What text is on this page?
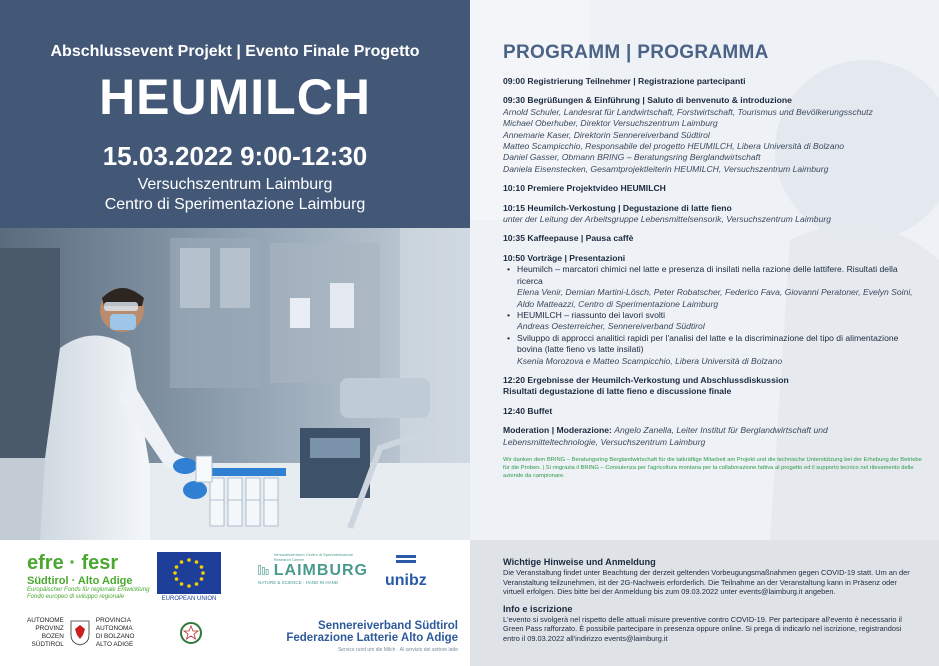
Abschlussevent Projekt | Evento Finale Progetto
HEUMILCH
15.03.2022 9:00-12:30
Versuchszentrum Laimburg
Centro di Sperimentazione Laimburg
PROGRAMM | PROGRAMMA
09:00 Registrierung Teilnehmer | Registrazione partecipanti
09:30 Begrüßungen & Einführung | Saluto di benvenuto & introduzione
Arnold Schuler, Landesrat für Landwirtschaft, Forstwirtschaft, Tourismus und Bevölkerungsschutz
Michael Oberhuber, Direktor Versuchszentrum Laimburg
Annemarie Kaser, Direktorin Sennereiverband Südtirol
Matteo Scampicchio, Responsabile del progetto HEUMILCH, Libera Università di Bolzano
Daniel Gasser, Obmann BRING – Beratungsring Berglandwirtschaft
Daniela Eisenstecken, Gesamtprojektleiterin HEUMILCH, Versuchszentrum Laimburg
10:10 Premiere Projektvideo HEUMILCH
10:15 Heumilch-Verkostung | Degustazione di latte fieno
unter der Leitung der Arbeitsgruppe Lebensmittelsensorik, Versuchszentrum Laimburg
10:35 Kaffeepause | Pausa caffè
10:50 Vorträge | Presentazioni
• Heumilch – marcatori chimici nel latte e presenza di insilati nella razione delle lattifere. Risultati della ricerca
Elena Venir, Demian Martini-Lösch, Peter Robatscher, Federico Fava, Giovanni Peratoner, Evelyn Soini, Aldo Matteazzi, Centro di Sperimentazione Laimburg
• HEUMILCH – riassunto dei lavori svolti
Andreas Oesterreicher, Sennereiverband Südtirol
• Sviluppo di approcci analitici rapidi per l'analisi del latte e la discriminazione del tipo di alimentazione bovina (latte fieno vs latte insilati)
Ksenia Morozova e Matteo Scampicchio, Libera Università di Bolzano
12:20 Ergebnisse der Heumilch-Verkostung und Abschlussdiskussion
Risultati degustazione di latte fieno e discussione finale
12:40 Buffet
Moderation | Moderazione: Angelo Zanella, Leiter Institut für Berglandwirtschaft und Lebensmitteltechnologie, Versuchszentrum Laimburg
Wir danken dem BRING – Beratungsring Berglandwirtschaft für die tatkräftige Mitarbeit am Projekt und die technische Unterstützung bei der Erhebung der Betriebe für die Proben. | Si ringrazia il BRING – Consulenza per l'agricoltura montana per la collaborazione fattiva al progetto ed il supporto tecnico nel rilevamento delle aziende da campionare.
efre · fesr
Südtirol · Alto Adige
Europäischer Fonds für regionale Entwicklung
Fondo europeo di sviluppo regionale	EUROPEAN UNION
AUTONOME
PROVINZ
BOZEN
SÜDTIROL
PROVINCIA
AUTONOMA
DI BOLZANO
ALTO ADIGE
Versuchszentrum Centro di Sperimentazione Research Centre
LAIMBURG
NATURE & SCIENCE · HAND IN HAND	unibz
Sennereiverband Südtirol
Federazione Latterie Alto Adige
Service rund um die Milch · Al servizio del settore latte
Wichtige Hinweise und Anmeldung

Die Veranstaltung findet unter Beachtung der derzeit geltenden Vorbeugungsmaßnahmen gegen COVID-19 statt. Um an der Veranstaltung teilzunehmen, ist der 2G-Nachweis erforderlich. Die Teilnahme an der Veranstaltung kann in Präsenz oder virtuell erfolgen. Dies bitte bei der Anmeldung bis zum 09.03.2022 unter events@laimburg.it angeben.

Info e iscrizione

L'evento si svolgerà nel rispetto delle attuali misure preventive contro COVID-19. Per partecipare all'evento è necessario il Green Pass rafforzato. È possibile partecipare in presenza oppure online. Si prega di indicarlo nel iscrizione, registrandosi entro il 09.03.2022 all'indirizzo events@laimburg.it
